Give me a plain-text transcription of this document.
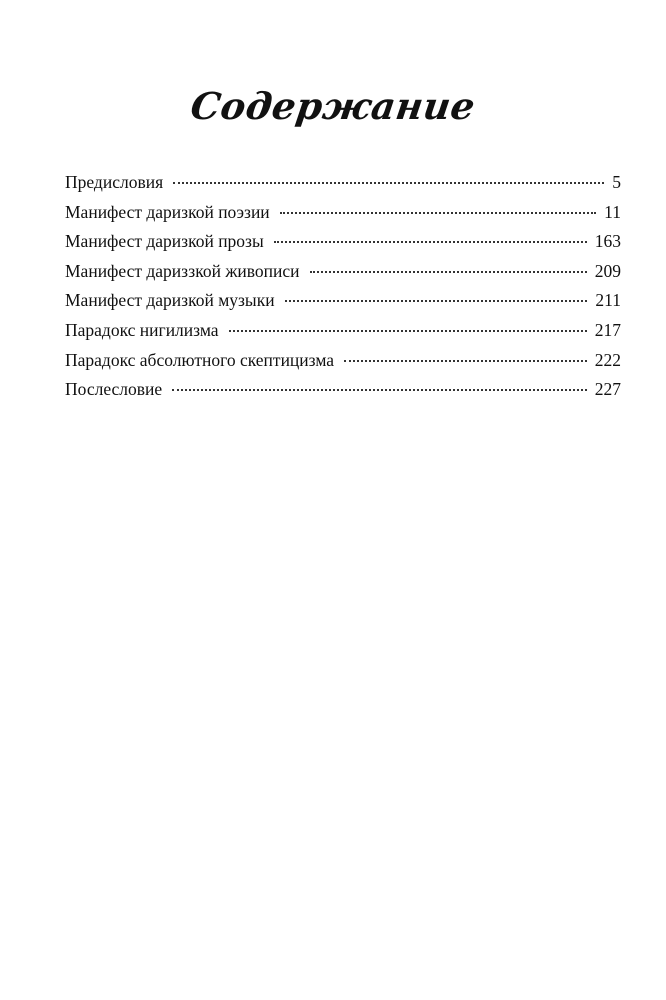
Содержание
Предисловия	5
Манифест даризкой поэзии	11
Манифест даризкой прозы	163
Манифест дариззкой живописи	209
Манифест даризкой музыки	211
Парадокс нигилизма	217
Парадокс абсолютного скептицизма	222
Послесловие	227
